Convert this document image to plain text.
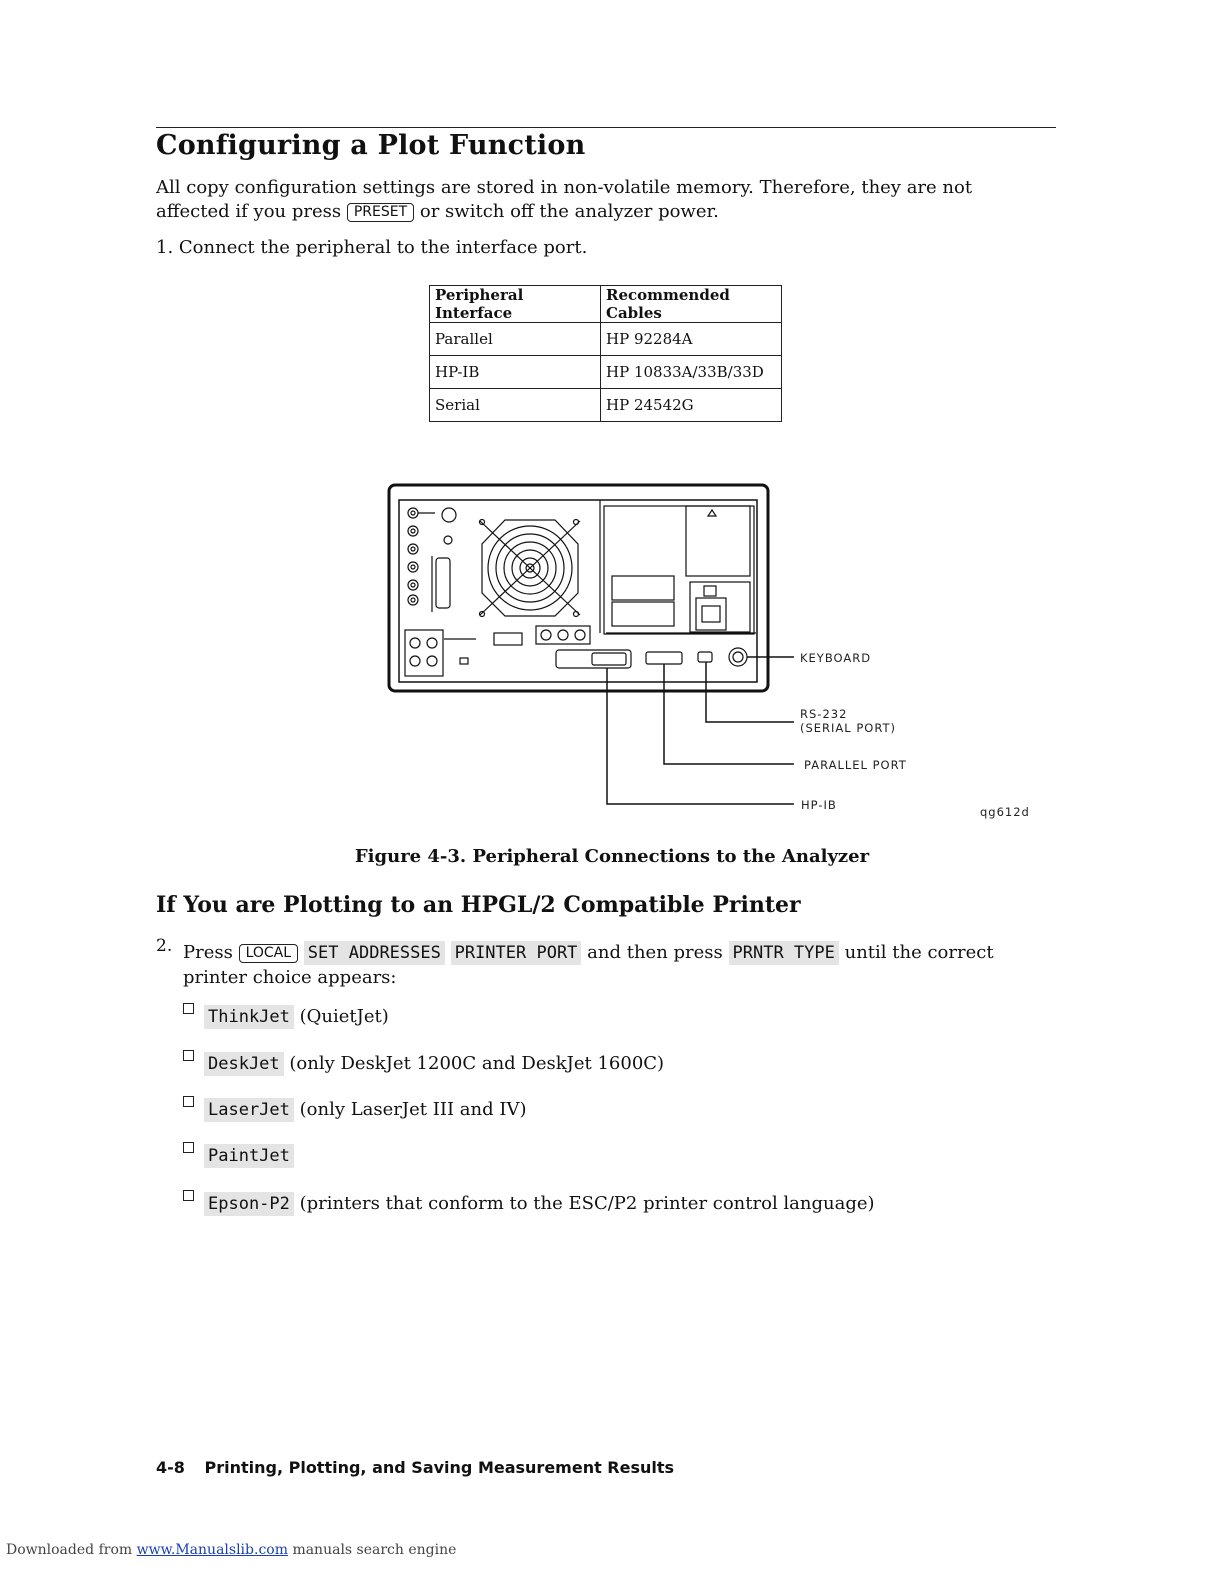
Configuring a Plot Function
All copy configuration settings are stored in non-volatile memory. Therefore, they are not
affected if you press PRESET or switch off the analyzer power.
1. Connect the peripheral to the interface port.
Peripheral Interface	Recommended Cables
Parallel	HP 92284A
HP-IB	HP 10833A/33B/33D
Serial	HP 24542G
KEYBOARD
RS-232
(SERIAL PORT)
PARALLEL PORT
HP-IB	qg612d
Figure 4-3. Peripheral Connections to the Analyzer
If You are Plotting to an HPGL/2 Compatible Printer
2. Press LOCAL SET ADDRESSES PRINTER PORT and then press PRNTR TYPE until the correct
printer choice appears:
ThinkJet (QuietJet)
DeskJet (only DeskJet 1200C and DeskJet 1600C)
LaserJet (only LaserJet III and IV)
PaintJet
Epson-P2 (printers that conform to the ESC/P2 printer control language)
4-8 Printing, Plotting, and Saving Measurement Results
Downloaded from www.Manualslib.com manuals search engine
